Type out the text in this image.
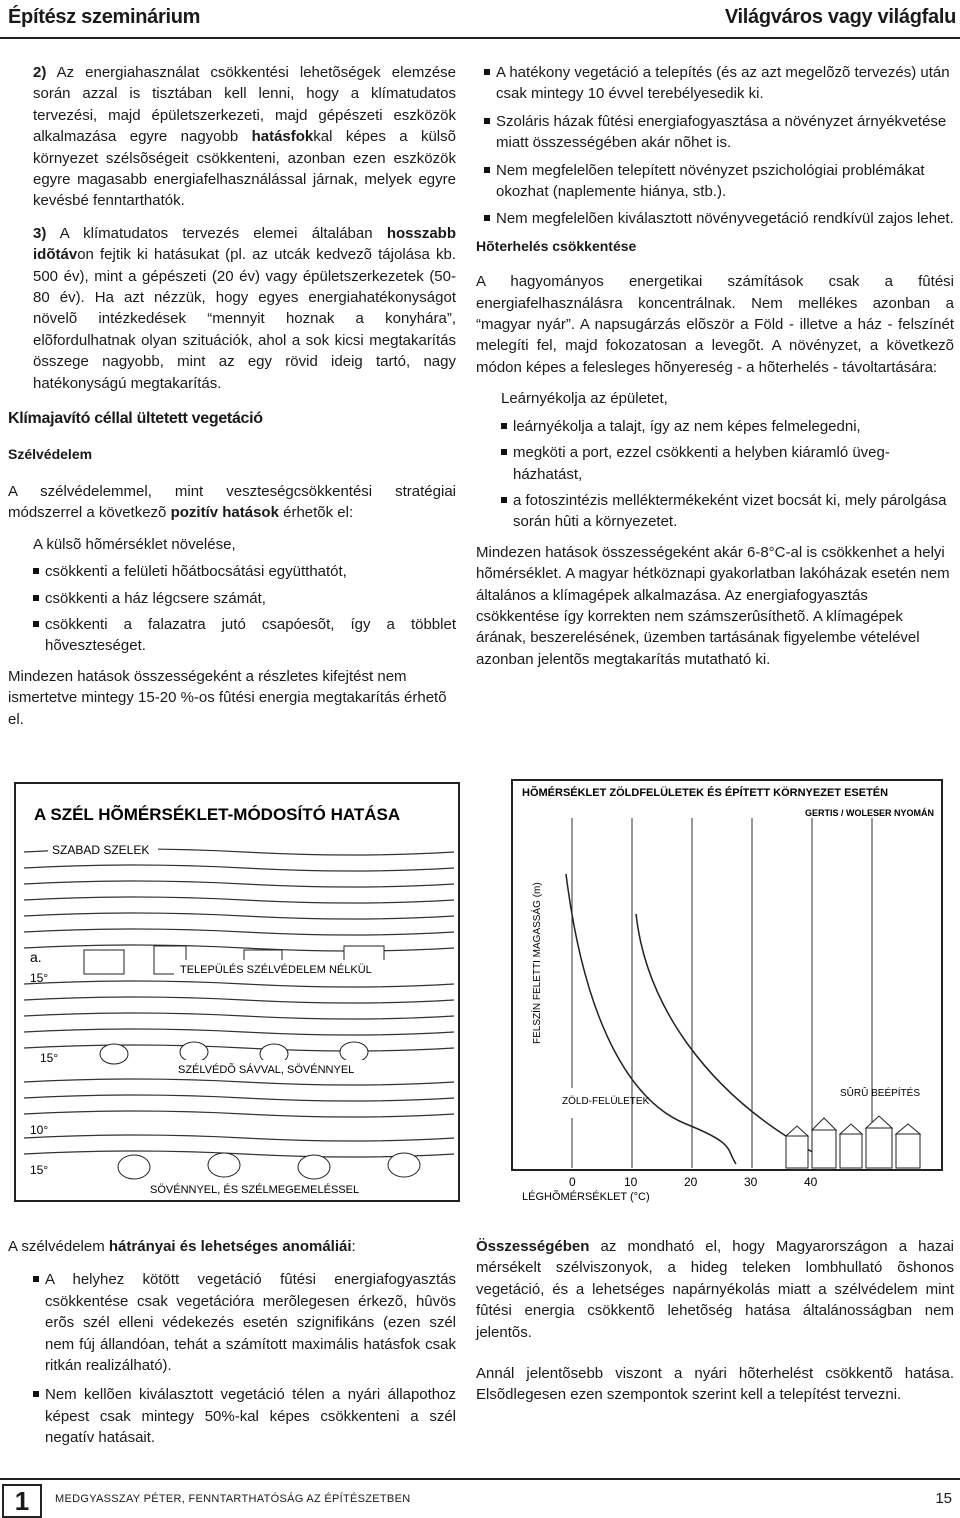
Építész szeminárium	Világváros vagy világfalu

2) Az energiahasználat csökkentési lehetõségek elemzése során azzal is tisztában kell lenni, hogy a klímatudatos tervezési, majd épületszerkezeti, majd gépészeti eszközök alkalmazása egyre nagyobb hatásfokkal képes a külsõ környezet szélsõségeit csökkenteni, azonban ezen eszközök egyre magasabb energiafelhasználással járnak, melyek egyre kevésbé fenntarthatók.

3) A klímatudatos tervezés elemei általában hosszabb idõtávon fejtik ki hatásukat (pl. az utcák kedvezõ tájolása kb. 500 év), mint a gépészeti (20 év) vagy épületszerkezetek (50-80 év). Ha azt nézzük, hogy egyes energiahatékonyságot növelõ intézkedések “mennyit hoznak a konyhára”, elõfordulhatnak olyan szituációk, ahol a sok kicsi megtakarítás összege nagyobb, mint az egy rövid ideig tartó, nagy hatékonyságú megtakarítás.

Klímajavító céllal ültetett vegetáció

Szélvédelem

A szélvédelemmel, mint veszteségcsökkentési stratégiai módszerrel a következõ pozitív hatások érhetõk el:

A külsõ hõmérséklet növelése,

csökkenti a felületi hõátbocsátási együtthatót,

csökkenti a ház légcsere számát,

csökkenti a falazatra jutó csapóesõt, így a többlet hõveszteséget.

Mindezen hatások összességeként a részletes kifejtést nem ismertetve mintegy 15-20 %-os fûtési energia megtakarítás érhetõ el.

A hatékony vegetáció a telepítés (és az azt megelõzõ tervezés) után csak mintegy 10 évvel terebélyesedik ki.

Szoláris házak fûtési energiafogyasztása a növényzet árnyékvetése miatt összességében akár nõhet is.

Nem megfelelõen telepített növényzet pszichológiai problémákat okozhat (naplemente hiánya, stb.).

Nem megfelelõen kiválasztott növényvegetáció rendkívül zajos lehet.

Hõterhelés csökkentése

A hagyományos energetikai számítások csak a fûtési energiafelhasználásra koncentrálnak. Nem mellékes azonban a “magyar nyár”. A napsugárzás elõször a Föld - illetve a ház - felszínét melegíti fel, majd fokozatosan a levegõt. A növényzet, a következõ módon képes a felesleges hõnyereség - a hõterhelés - távoltartására:

Leárnyékolja az épületet,

leárnyékolja a talajt, így az nem képes felmelegedni,

megköti a port, ezzel csökkenti a helyben kiáramló üveg-házhatást,

a fotoszintézis melléktermékeként vizet bocsát ki, mely párolgása során hûti a környezetet.

Mindezen hatások összességeként akár 6-8°C-al is csökkenhet a helyi hõmérséklet. A magyar hétköznapi gyakorlatban lakóházak esetén nem általános a klímagépek alkalmazása. Az energiafogyasztás csökkentése így korrekten nem számszerûsíthetõ. A klímagépek árának, beszerelésének, üzemben tartásának figyelembe vételével azonban jelentõs megtakarítás mutatható ki.

A SZÉL HÕMÉRSÉKLET-MÓDOSÍTÓ HATÁSA
SZABAD SZELEK
a.
15°
TELEPÜLÉS SZÉLVÉDELEM NÉLKÜL
15°
SZÉLVÉDÕ SÁVVAL, SÖVÉNNYEL
10°
15°
SÖVÉNNYEL, ÉS SZÉLMEGEMELÉSSEL
HÕMÉRSÉKLET ZÖLDFELÜLETEK ÉS ÉPÍTETT KÖRNYEZET ESETÉN
GERTIS / WOLESER NYOMÁN
FELSZÍN FELETTI MAGASSÁG (m)
ZÖLD-FELÜLETEK
SÛRÛ BEÉPÍTÉS
0	10	20	30	40
LÉGHÕMÉRSÉKLET (°C)

A szélvédelem hátrányai és lehetséges anomáliái:

A helyhez kötött vegetáció fûtési energiafogyasztás csökkentése csak vegetációra merõlegesen érkezõ, hûvös erõs szél elleni védekezés esetén szignifikáns (ezen szél nem fúj állandóan, tehát a számított maximális hatásfok csak ritkán realizálható).

Nem kellõen kiválasztott vegetáció télen a nyári állapothoz képest csak mintegy 50%-kal képes csökkenteni a szél negatív hatásait.

Összességében az mondható el, hogy Magyarországon a hazai mérsékelt szélviszonyok, a hideg teleken lombhullató õshonos vegetáció, és a lehetséges napárnyékolás miatt a szélvédelem mint fûtési energia csökkentõ lehetõség hatása általánosságban nem jelentõs.

Annál jelentõsebb viszont a nyári hõterhelést csökkentõ hatása. Elsõdlegesen ezen szempontok szerint kell a telepítést tervezni.

1	MEDGYASSZAY PÉTER, FENNTARTHATÓSÁG AZ ÉPÍTÉSZETBEN	15
